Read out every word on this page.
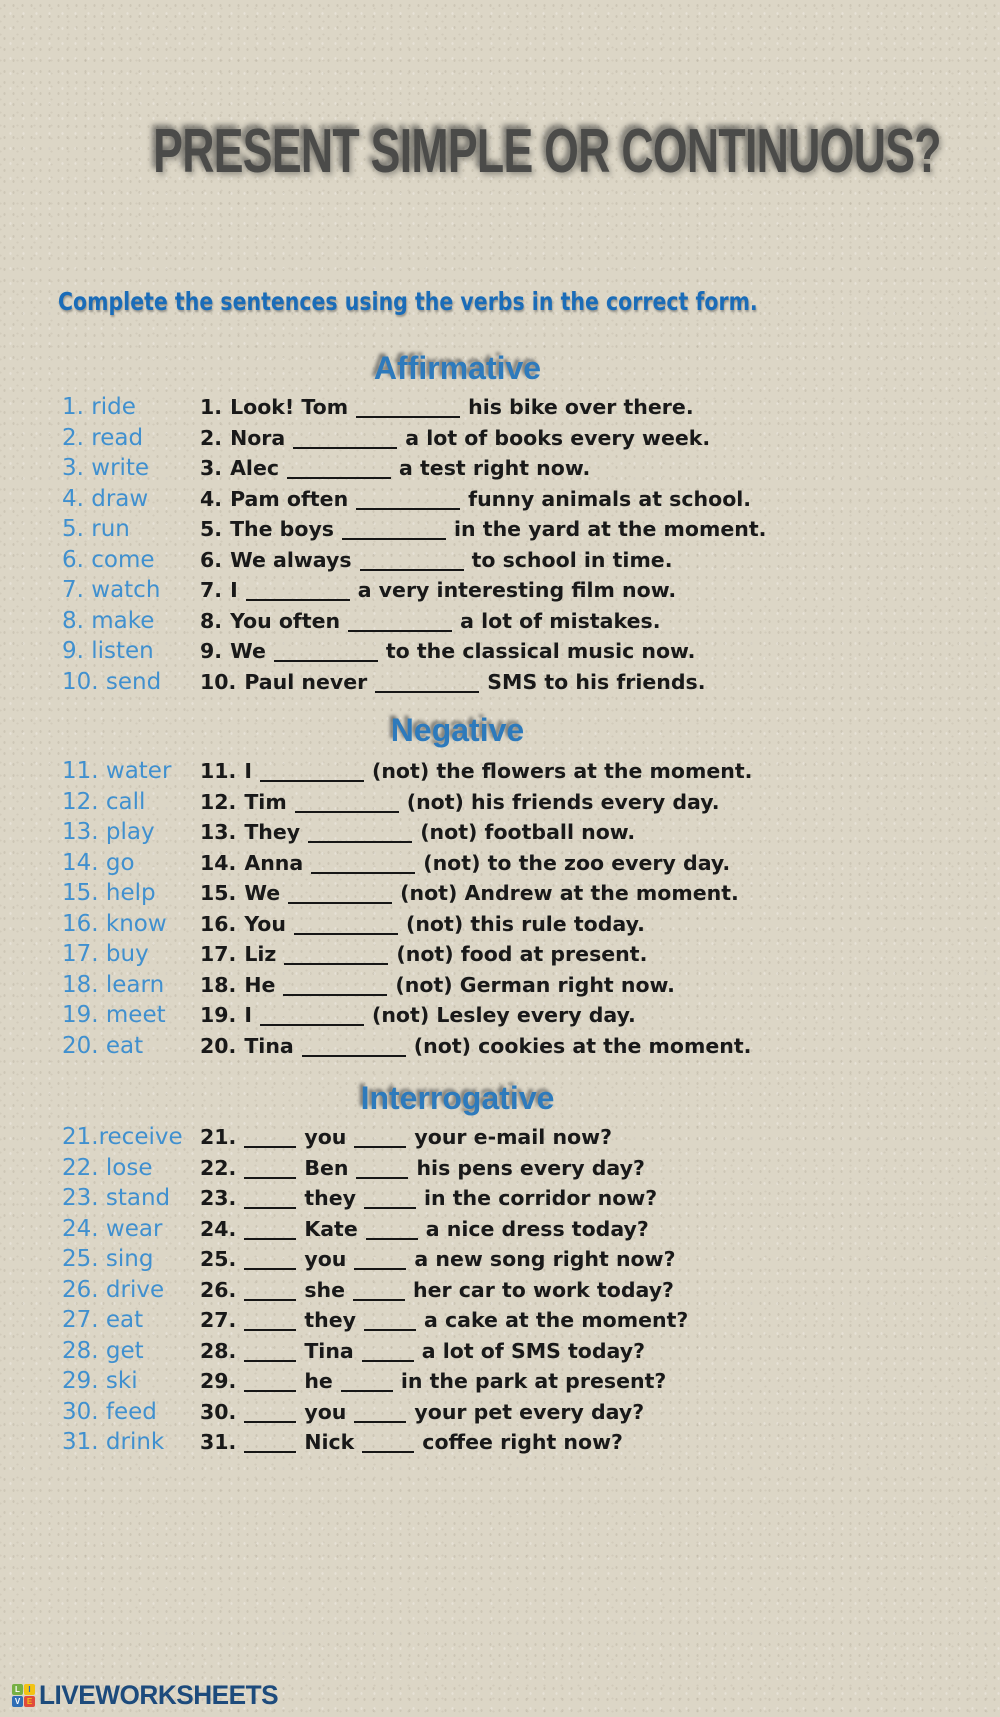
PRESENT SIMPLE OR CONTINUOUS?

Complete the sentences using the verbs in the correct form.

Affirmative
1. ride	1. Look! Tom	his bike over there.
2. read	2. Nora	a lot of books every week.
3. write	3. Alec	a test right now.
4. draw	4. Pam often	funny animals at school.
5. run	5. The boys	in the yard at the moment.
6. come	6. We always	to school in time.
7. watch	7. I	a very interesting film now.
8. make	8. You often	a lot of mistakes.
9. listen	9. We	to the classical music now.
10. send	10. Paul never	SMS to his friends.
Negative
11. water	11. I	(not) the flowers at the moment.
12. call	12. Tim	(not) his friends every day.
13. play	13. They	(not) football now.
14. go	14. Anna	(not) to the zoo every day.
15. help	15. We	(not) Andrew at the moment.
16. know	16. You	(not) this rule today.
17. buy	17. Liz	(not) food at present.
18. learn	18. He	(not) German right now.
19. meet	19. I	(not) Lesley every day.
20. eat	20. Tina	(not) cookies at the moment.
Interrogative
21.receive 21.	you	your e-mail now?
22. lose	22.	Ben	his pens every day?
23. stand	23.	they	in the corridor now?
24. wear	24.	Kate	a nice dress today?
25. sing	25.	you	a new song right now?
26. drive	26.	she	her car to work today?
27. eat	27.	they	a cake at the moment?
28. get	28.	Tina	a lot of SMS today?
29. ski	29.	he	in the park at present?
30. feed	30.	you	your pet every day?
31. drink	31.	Nick	coffee right now?
L	I
V E LIVEWORKSHEETS
